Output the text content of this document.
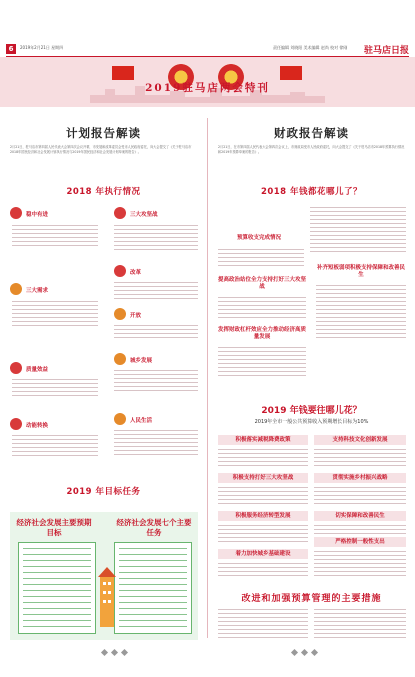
6	2019年2月21日 星期四	责任编辑 刘晓阳 美术编辑 赵尚 校对 徐刚 驻马店日报
2019驻马店两会特刊
计划报告解读
2月21日，驻马店市第四届人民代表大会第四次会议开幕，市发展和改革委员会受市人民政府委托，向大会提交了《关于驻马店市2018年国民经济和社会发展计划执行情况与2019年国民经济和社会发展计划草案的报告》。
2018 年执行情况
稳中有进	三大攻坚战
三大需求
改革
开放
质量效益
城乡发展
动能转换
人民生活
2019 年目标任务
经济社会发展主要预期目标
经济社会发展七个主要任务
财政报告解读
2月21日，在市第四届人民代表大会第四次会议上，市财政局受市人民政府委托，向大会提交了《关于驻马店市2018年预算执行情况和2019年预算草案的报告》。
2018 年钱都花哪儿了？
预算收支完成情况
补齐短板弱项积极支持保障和改善民生
提高政治站位全力支持打好三大攻坚战
发挥财政杠杆效应全力推动经济高质量发展
2019 年钱要往哪儿花？
2019年全市一般公共预算收入预期增长目标为10%
积极落实减税降费政策	支持科技文化创新发展
积极支持打好三大攻坚战	贯彻实施乡村振兴战略
积极服务经济转型发展	切实保障和改善民生
着力加快城乡基础建设
严格控制一般性支出
改进和加强预算管理的主要措施
